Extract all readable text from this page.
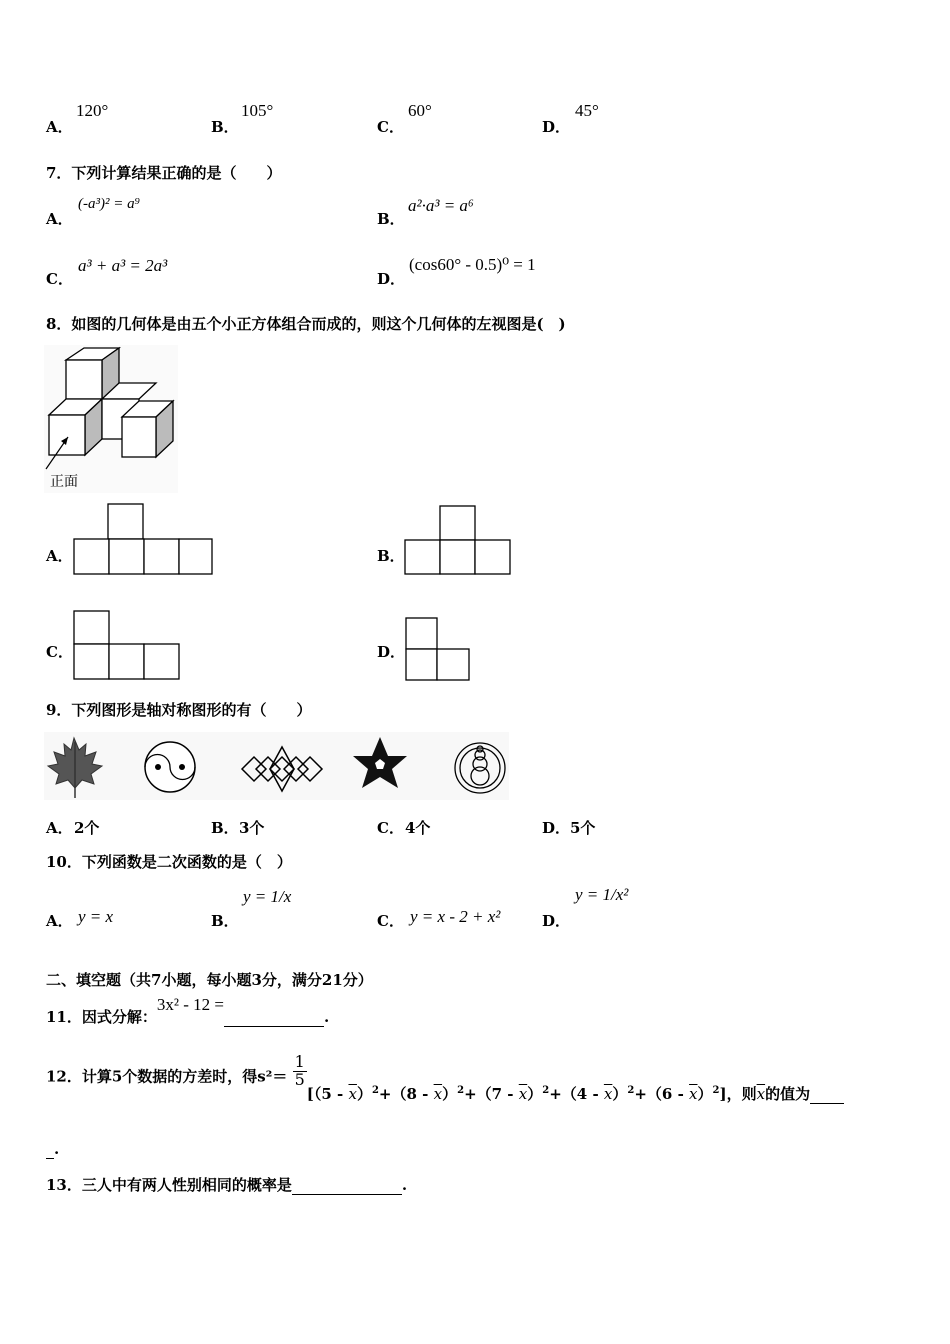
A．
120°
B．
105°
C．
60°
D．
45°
7．下列计算结果正确的是（　　）
A．
(-a³)² = a⁹
B．
a²·a³ = a⁶
C．
a³ + a³ = 2a³
D．
(cos60° - 0.5)⁰ = 1
8．如图的几何体是由五个小正方体组合而成的，则这个几何体的左视图是(　)
正面
A．	B．
C．	D．
9．下列图形是轴对称图形的有（　　）
A． 2个	B． 3个	C． 4个	D． 5个
10．下列函数是二次函数的是（　）
A． y = x	B．
y = 1/x
C． y = x - 2 + x²	D．
y = 1/x²
二、填空题（共7小题，每小题3分，满分21分）
11．因式分解：3x² - 12 = .
12．计算5个数据的方差时，得$s^2= \frac{1}{5}$
$[(5 - \overline{x})^2+(8 - \overline{x})^2+(7 - \overline{x})^2+(4 - \overline{x})^2+(6 - \overline{x})^2]$，则$\overline{x}$的值为
.
13．三人中有两人性别相同的概率是	.
